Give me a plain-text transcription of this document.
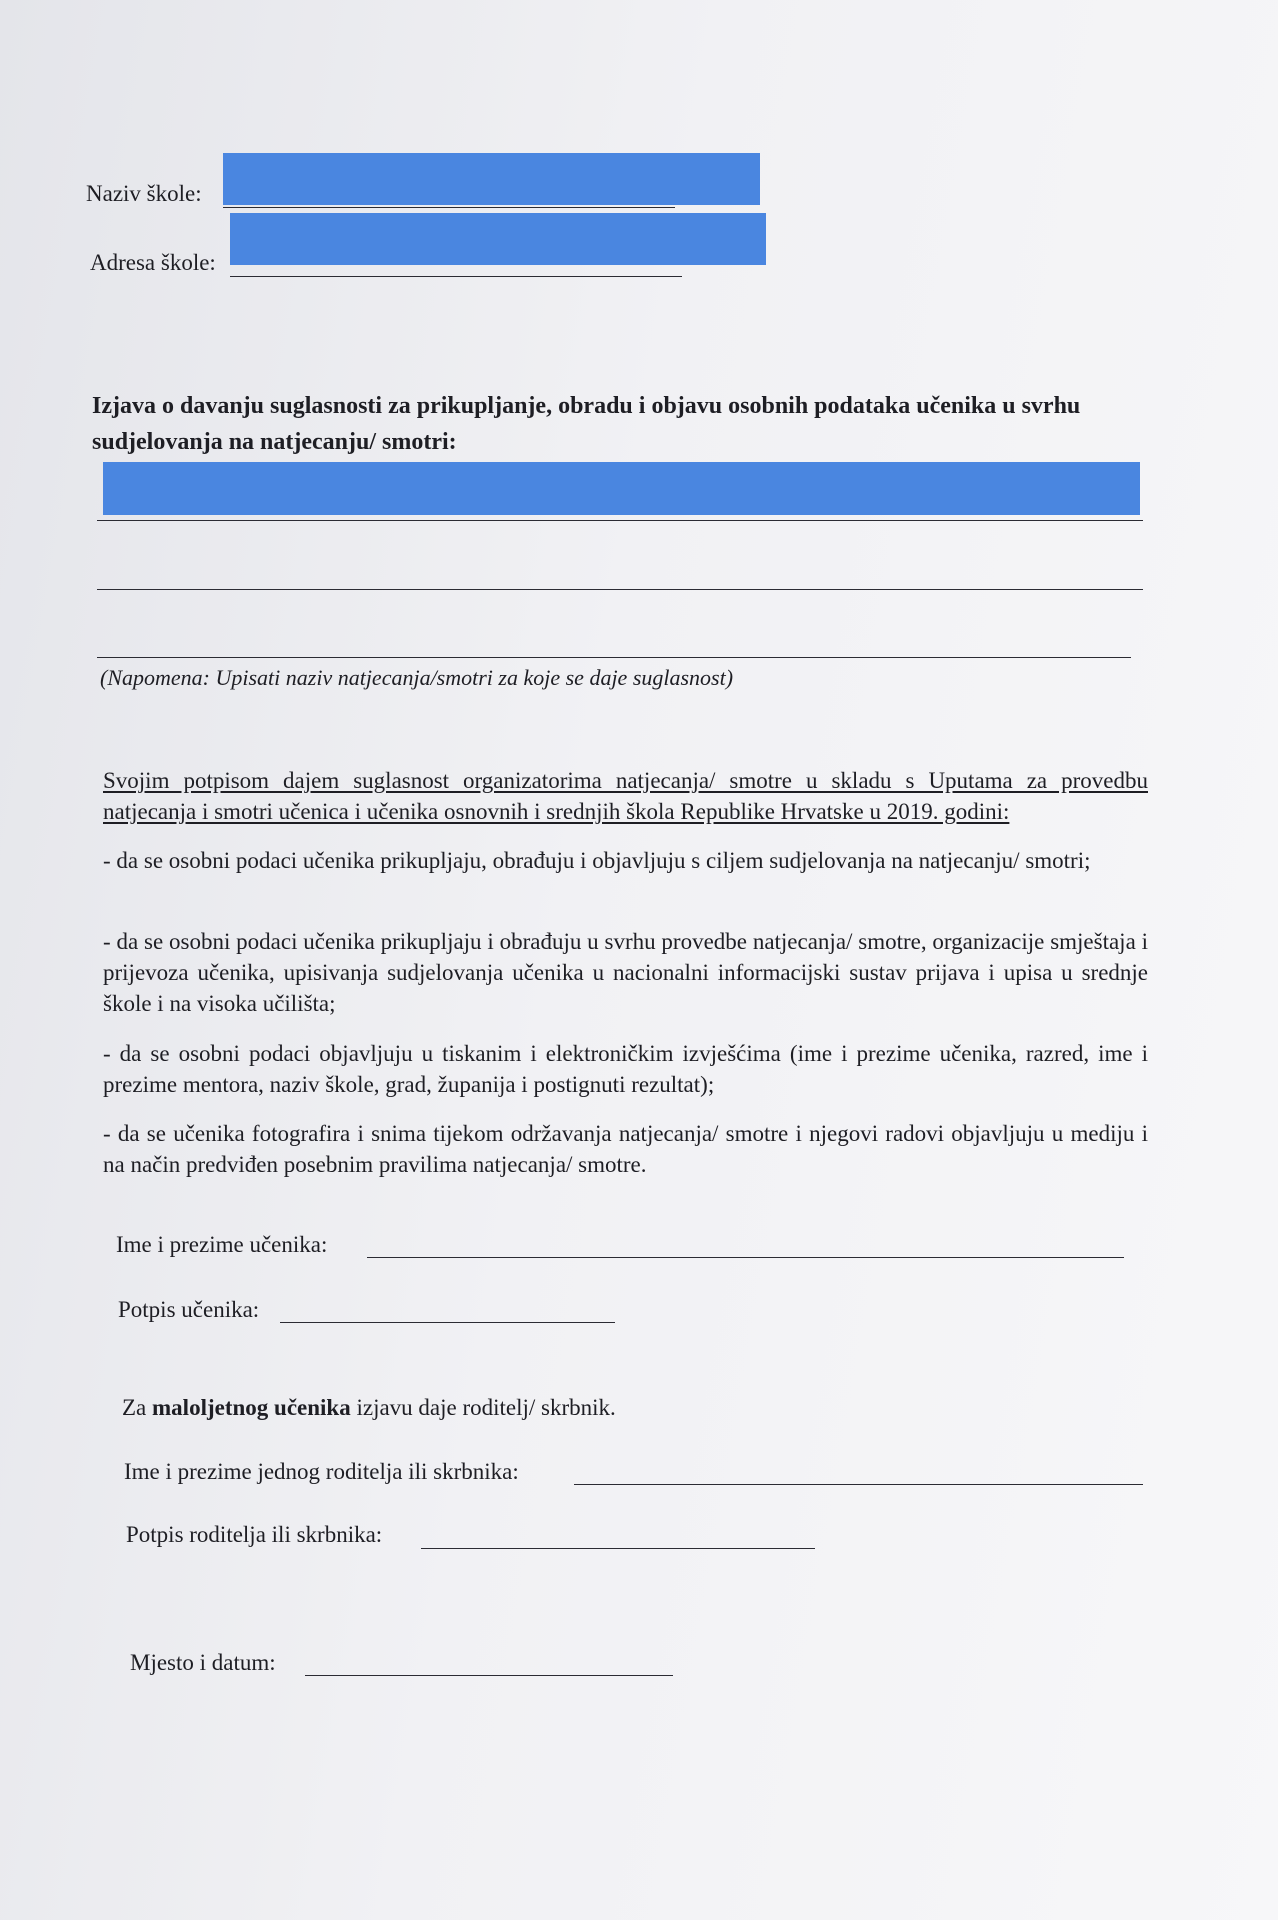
Naziv škole:
Adresa škole:
Izjava o davanju suglasnosti za prikupljanje, obradu i objavu osobnih podataka učenika u svrhu sudjelovanja na natjecanju/ smotri:
(Napomena: Upisati naziv natjecanja/smotri za koje se daje suglasnost)
Svojim potpisom dajem suglasnost organizatorima natjecanja/ smotre u skladu s Uputama za provedbu natjecanja i smotri učenica i učenika osnovnih i srednjih škola Republike Hrvatske u 2019. godini:
- da se osobni podaci učenika prikupljaju, obrađuju i objavljuju s ciljem sudjelovanja na natjecanju/ smotri;
- da se osobni podaci učenika prikupljaju i obrađuju u svrhu provedbe natjecanja/ smotre, organizacije smještaja i prijevoza učenika, upisivanja sudjelovanja učenika u nacionalni informacijski sustav prijava i upisa u srednje škole i na visoka učilišta;
- da se osobni podaci objavljuju u tiskanim i elektroničkim izvješćima (ime i prezime učenika, razred, ime i prezime mentora, naziv škole, grad, županija i postignuti rezultat);
- da se učenika fotografira i snima tijekom održavanja natjecanja/ smotre i njegovi radovi objavljuju u mediju i na način predviđen posebnim pravilima natjecanja/ smotre.
Ime i prezime učenika:
Potpis učenika:
Za maloljetnog učenika izjavu daje roditelj/ skrbnik.
Ime i prezime jednog roditelja ili skrbnika:
Potpis roditelja ili skrbnika:
Mjesto i datum:
